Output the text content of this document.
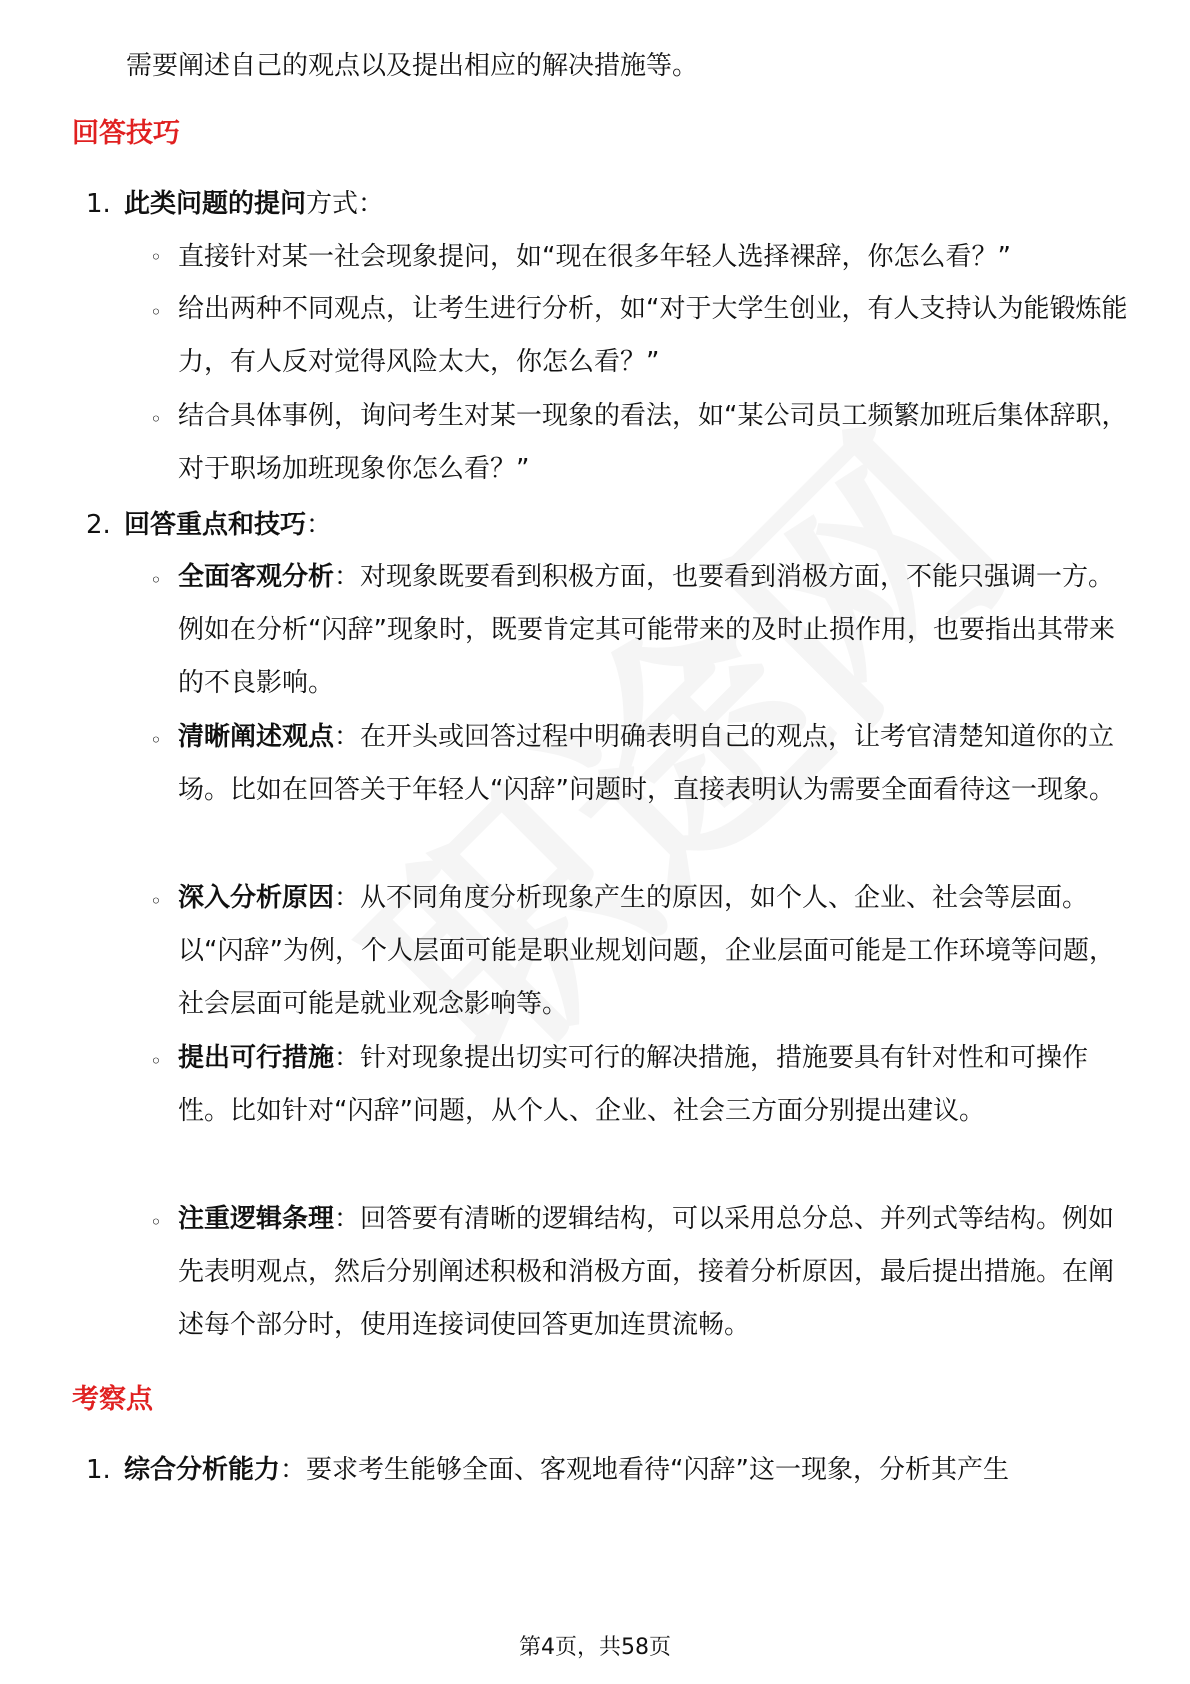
需要阐述自己的观点以及提出相应的解决措施等。
回答技巧
1. 此类问题的提问方式：
◦ 直接针对某一社会现象提问，如“现在很多年轻人选择裸辞，你怎么看？”
◦ 给出两种不同观点，让考生进行分析，如“对于大学生创业，有人支持认为能锻炼能力，有人反对觉得风险太大，你怎么看？”
◦ 结合具体事例，询问考生对某一现象的看法，如“某公司员工频繁加班后集体辞职，对于职场加班现象你怎么看？”
2. 回答重点和技巧：
◦ 全面客观分析：对现象既要看到积极方面，也要看到消极方面，不能只强调一方。例如在分析“闪辞”现象时，既要肯定其可能带来的及时止损作用，也要指出其带来的不良影响。
◦ 清晰阐述观点：在开头或回答过程中明确表明自己的观点，让考官清楚知道你的立场。比如在回答关于年轻人“闪辞”问题时，直接表明认为需要全面看待这一现象。
◦ 深入分析原因：从不同角度分析现象产生的原因，如个人、企业、社会等层面。以“闪辞”为例，个人层面可能是职业规划问题，企业层面可能是工作环境等问题，社会层面可能是就业观念影响等。
◦ 提出可行措施：针对现象提出切实可行的解决措施，措施要具有针对性和可操作性。比如针对“闪辞”问题，从个人、企业、社会三方面分别提出建议。
◦ 注重逻辑条理：回答要有清晰的逻辑结构，可以采用总分总、并列式等结构。例如先表明观点，然后分别阐述积极和消极方面，接着分析原因，最后提出措施。在阐述每个部分时，使用连接词使回答更加连贯流畅。
考察点
1. 综合分析能力：要求考生能够全面、客观地看待“闪辞”这一现象，分析其产生
第4页，共58页
